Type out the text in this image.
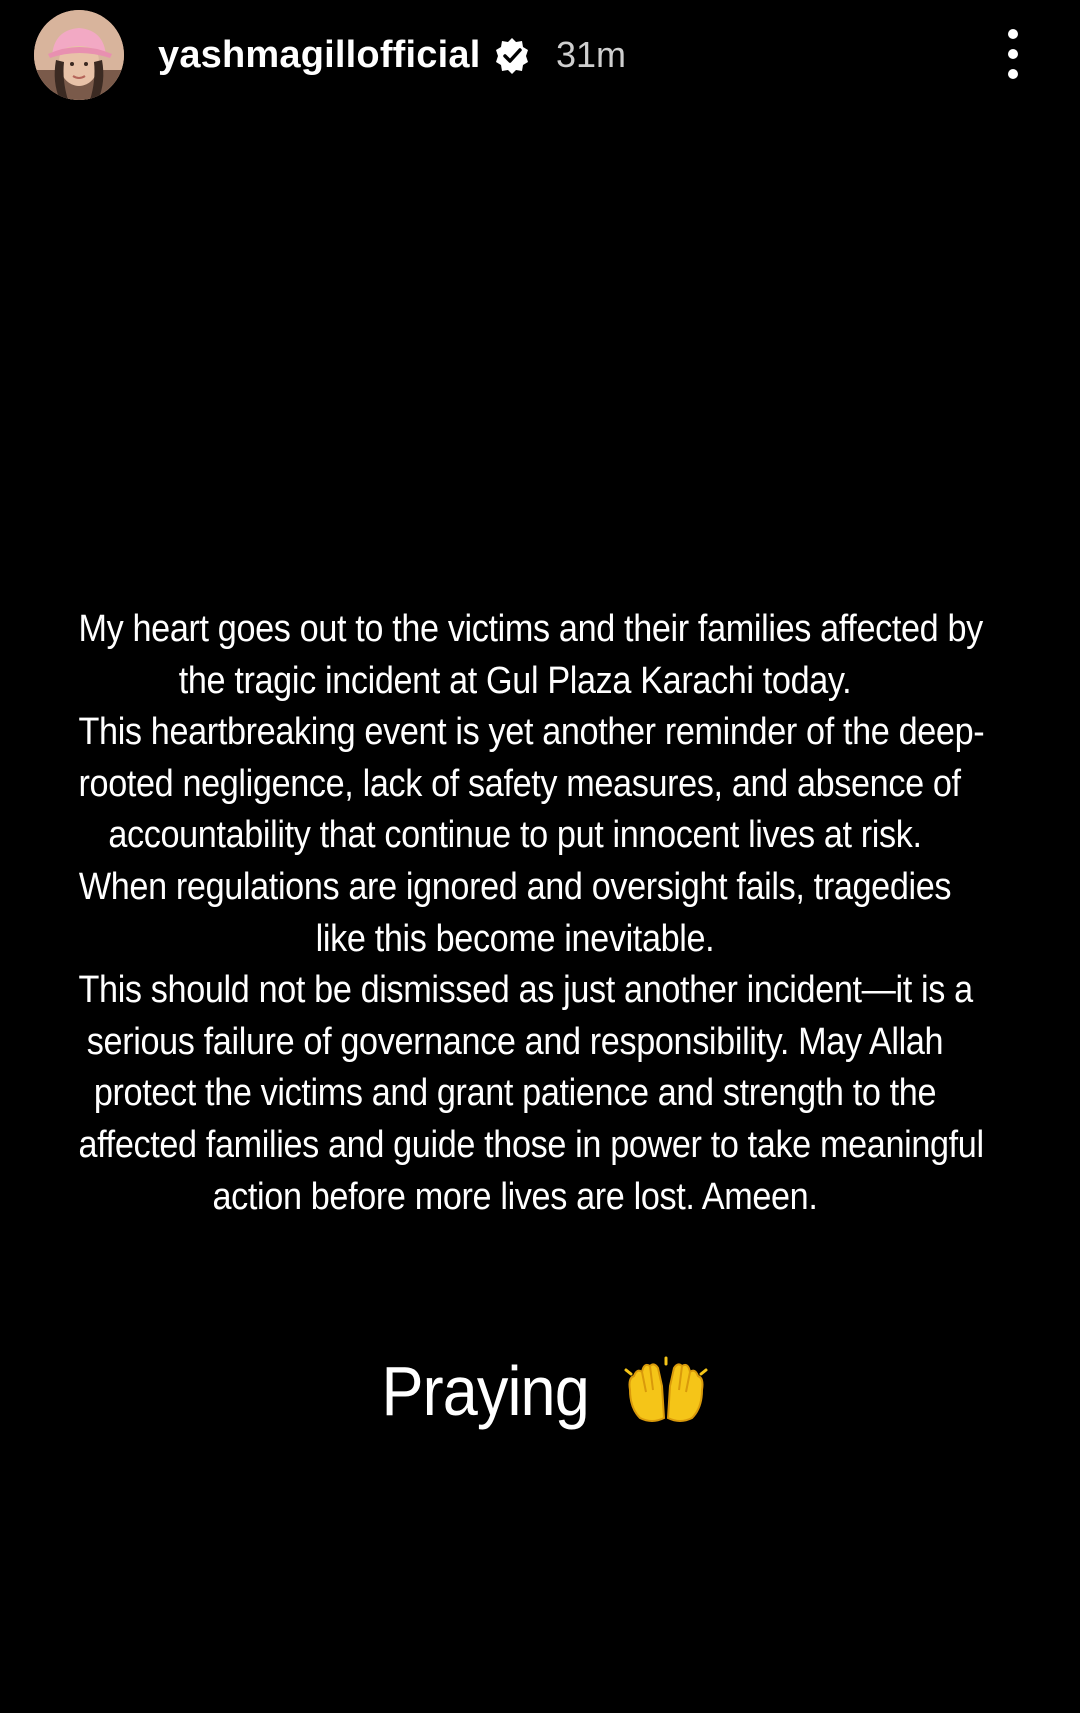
yashmagillofficial 31m

My heart goes out to the victims and their families affected by
the tragic incident at Gul Plaza Karachi today.
This heartbreaking event is yet another reminder of the deep-
rooted negligence, lack of safety measures, and absence of
accountability that continue to put innocent lives at risk.
When regulations are ignored and oversight fails, tragedies
like this become inevitable.
This should not be dismissed as just another incident—it is a
serious failure of governance and responsibility. May Allah
protect the victims and grant patience and strength to the
affected families and guide those in power to take meaningful
action before more lives are lost. Ameen.

Praying
